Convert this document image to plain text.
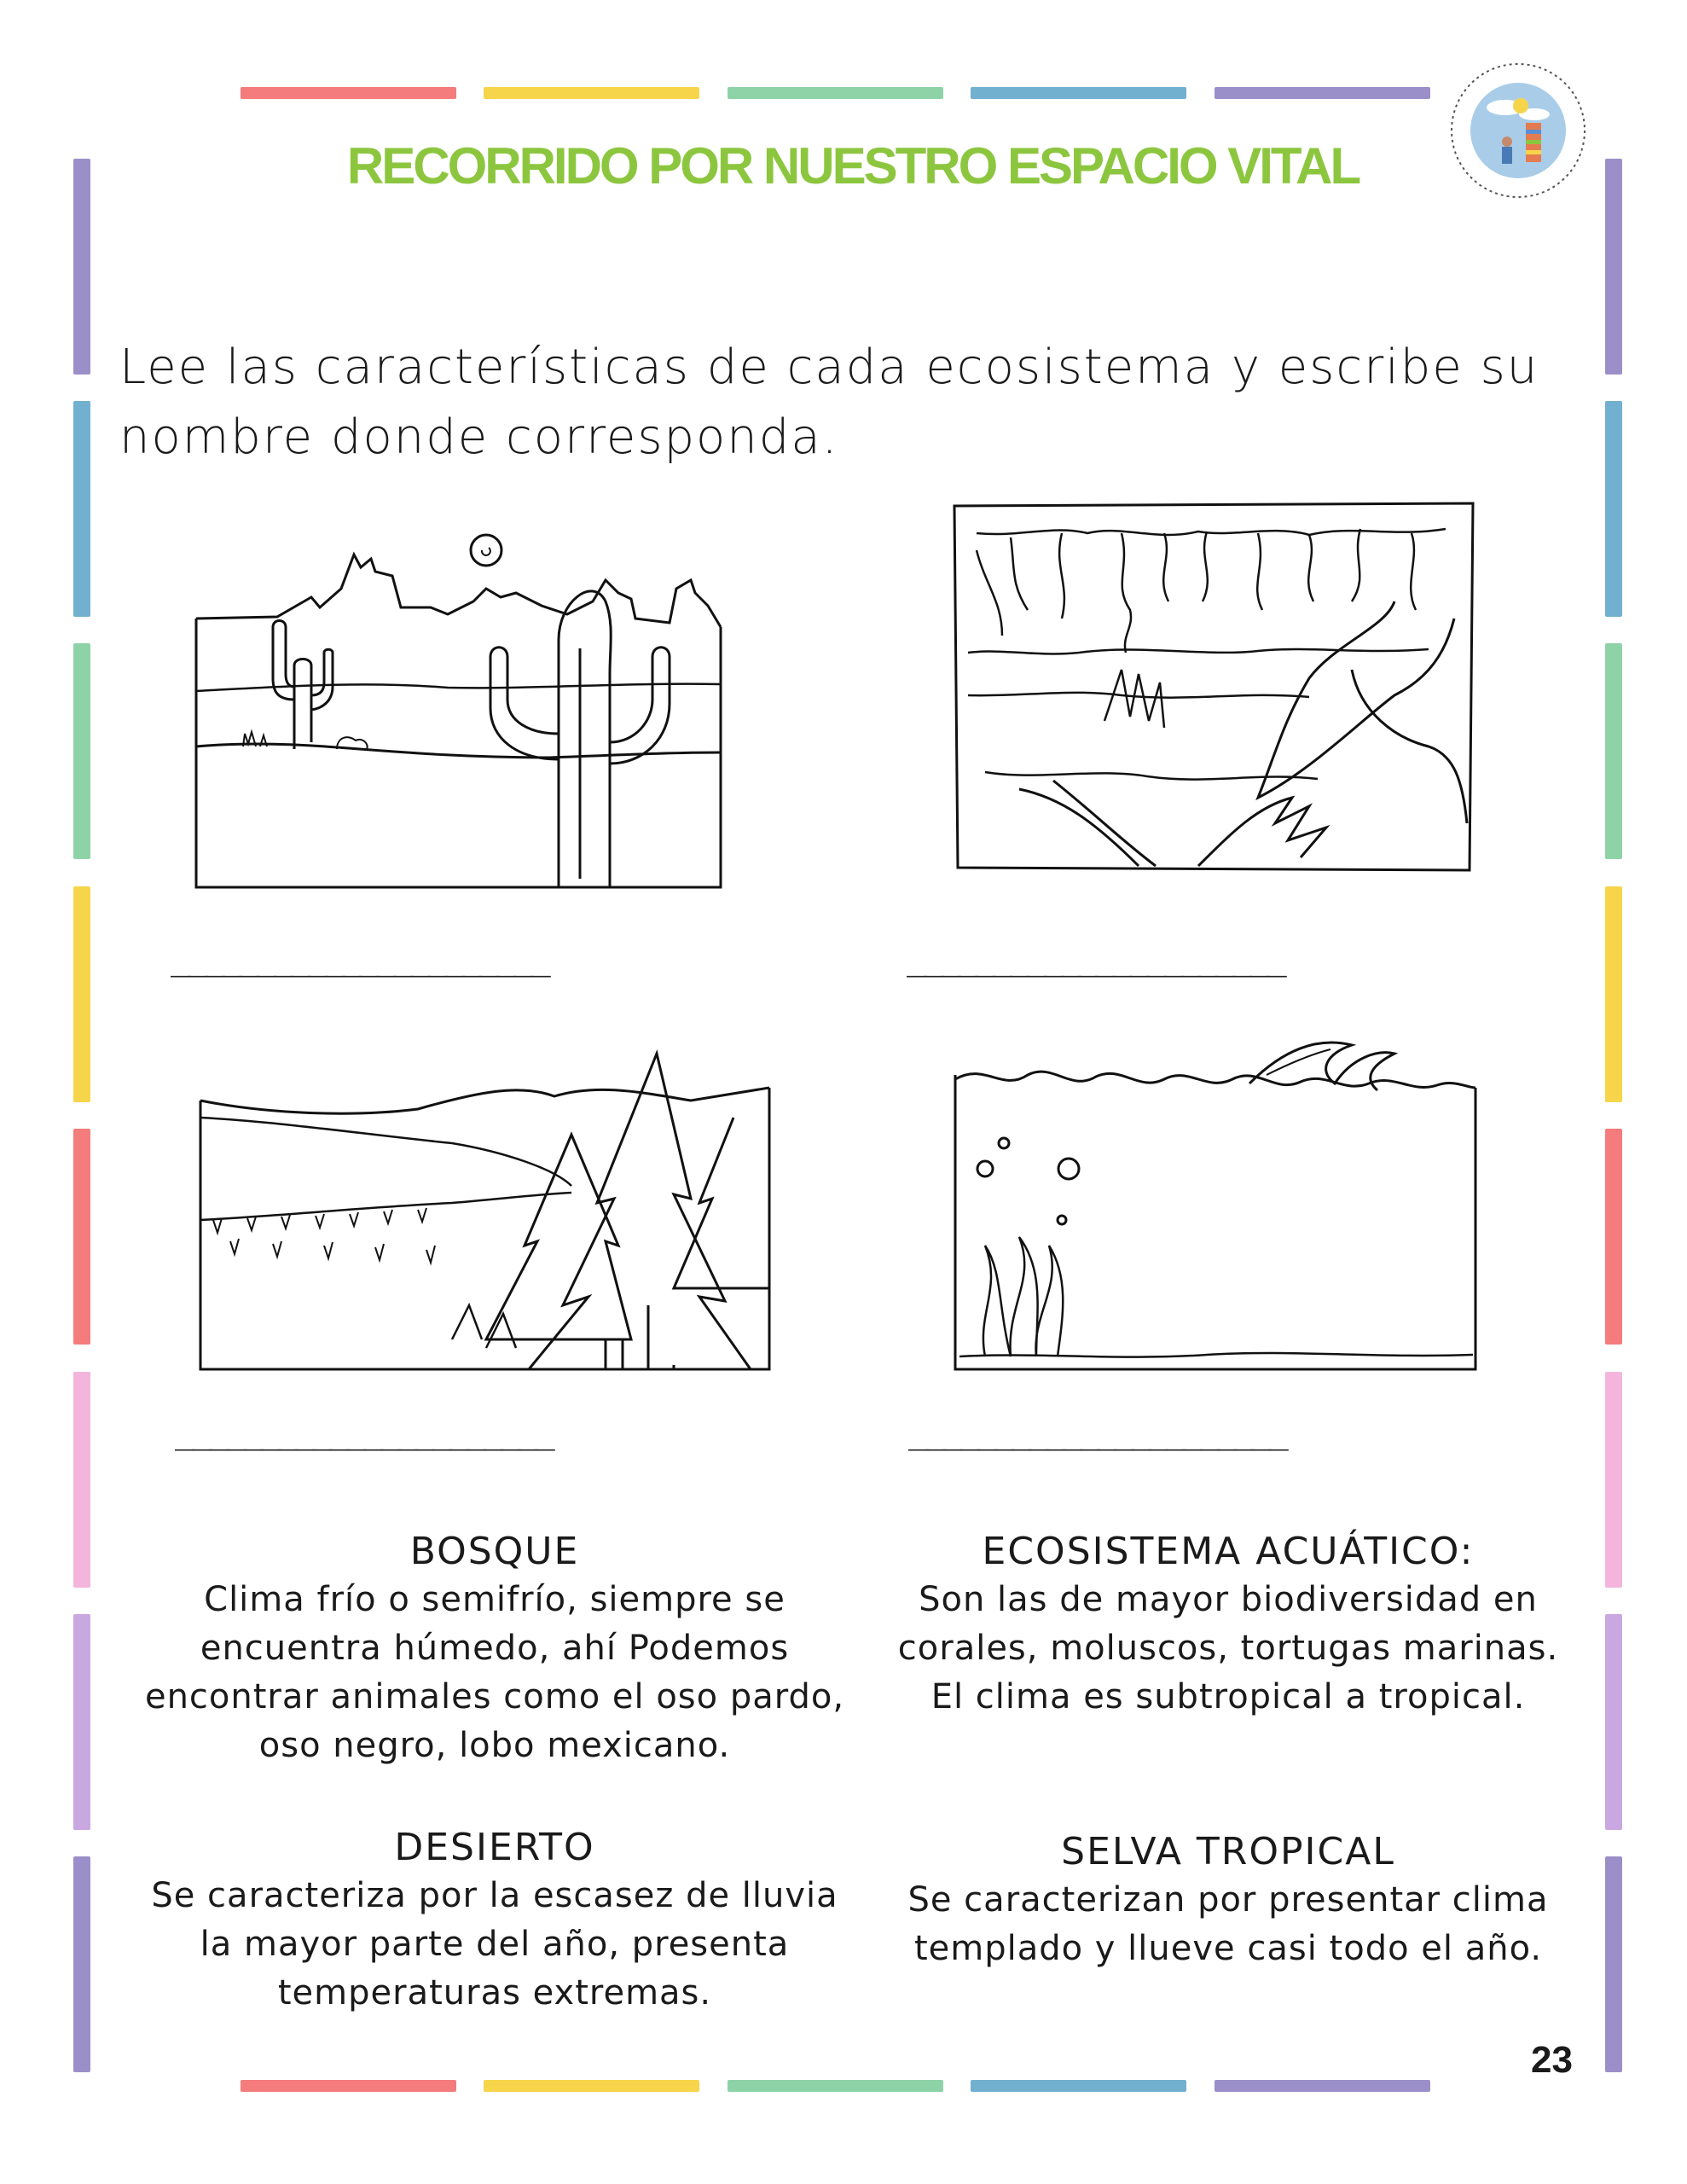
RECORRIDO POR NUESTRO ESPACIO VITAL
Lee las características de cada ecosistema y escribe su
nombre donde corresponda.
______________________	______________________
______________________	______________________
BOSQUE
Clima frío o semifrío, siempre se
encuentra húmedo, ahí Podemos
encontrar animales como el oso pardo,
oso negro, lobo mexicano.
ECOSISTEMA ACUÁTICO:
Son las de mayor biodiversidad en
corales, moluscos, tortugas marinas.
El clima es subtropical a tropical.
DESIERTO
Se caracteriza por la escasez de lluvia
la mayor parte del año, presenta
temperaturas extremas.
SELVA TROPICAL
Se caracterizan por presentar clima
templado y llueve casi todo el año.
23
